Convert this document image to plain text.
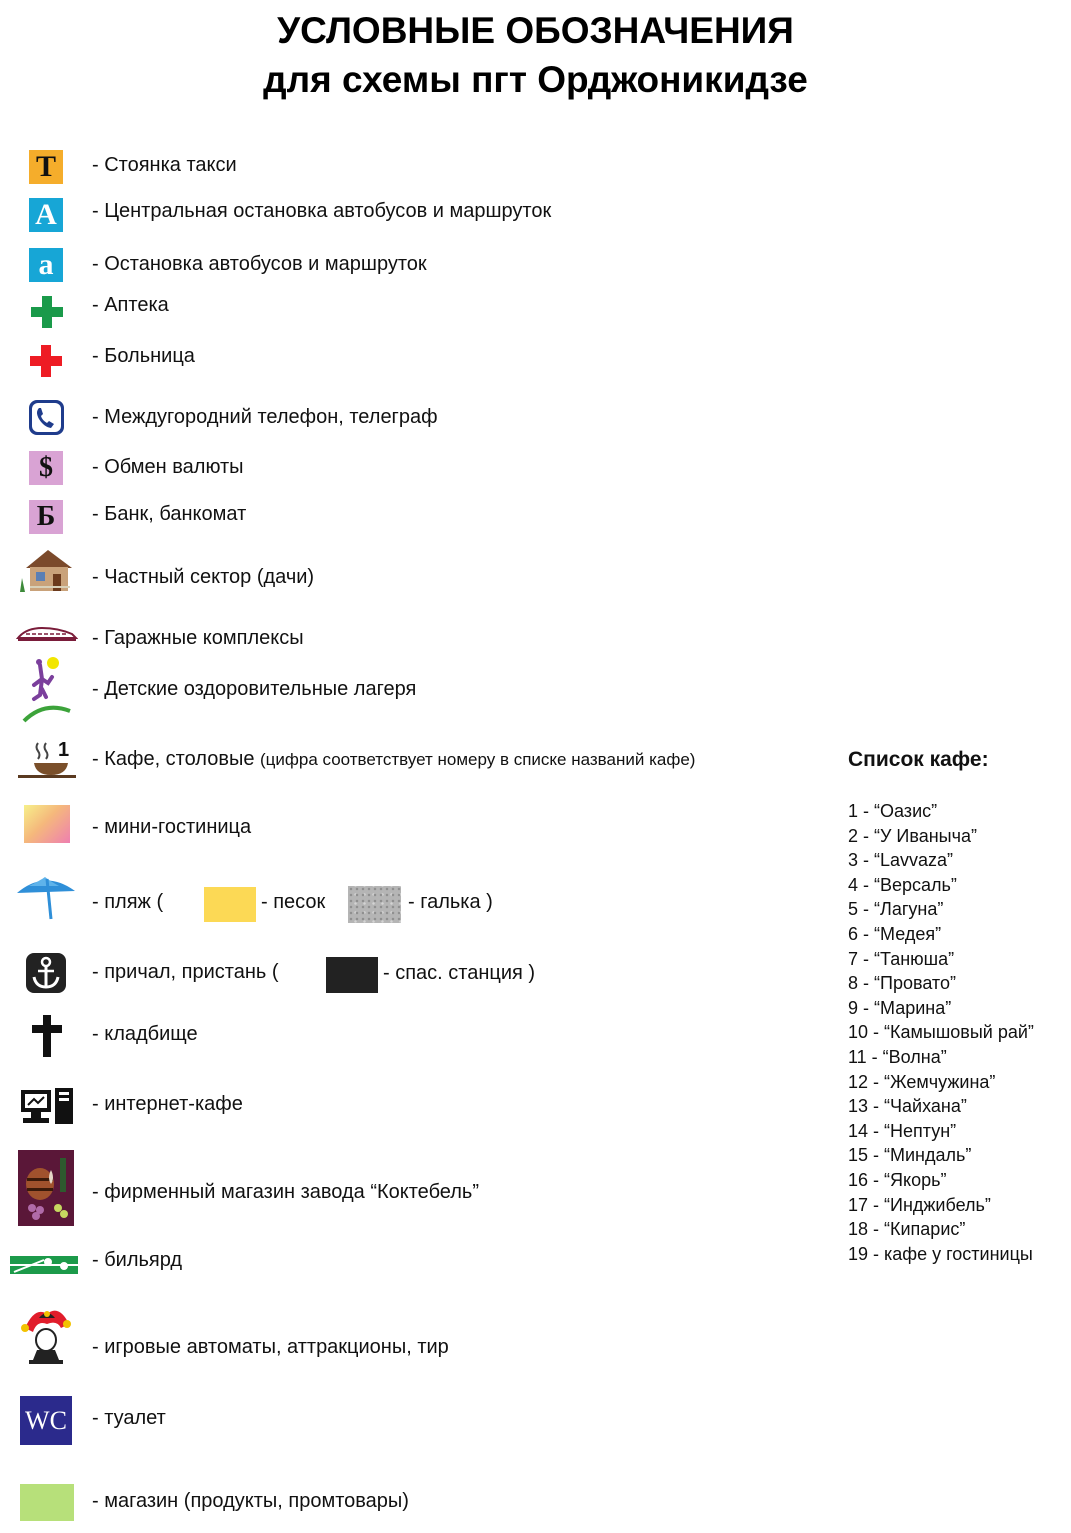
УСЛОВНЫЕ ОБОЗНАЧЕНИЯ
для схемы пгт Орджоникидзе
Т	- Стоянка такси
А	- Центральная остановка автобусов и маршруток
а	- Остановка автобусов и маршруток
- Аптека
- Больница
- Междугородний телефон, телеграф
$	- Обмен валюты
Б	- Банк, банкомат
- Частный сектор (дачи)
- Гаражные комплексы
- Детские оздоровительные лагеря
1 - Кафе, столовые (цифра соответствует номеру в списке названий кафе)
- мини-гостиница
- пляж (	- песок	- галька )
- причал, пристань (	- спас. станция )
- кладбище
- интернет-кафе
- фирменный магазин завода “Коктебель”
- бильярд
- игровые автоматы, аттракционы, тир
WC - туалет
- магазин (продукты, промтовары)
Список кафе:
1 - “Оазис”
2 - “У Иваныча”
3 - “Lavvaza”
4 - “Версаль”
5 - “Лагуна”
6 - “Медея”
7 - “Танюша”
8 - “Провато”
9 - “Марина”
10 - “Камышовый рай”
11 - “Волна”
12 - “Жемчужина”
13 - “Чайхана”
14 - “Нептун”
15 - “Миндаль”
16 - “Якорь”
17 - “Инджибель”
18 - “Кипарис”
19 - кафе у гостиницы
